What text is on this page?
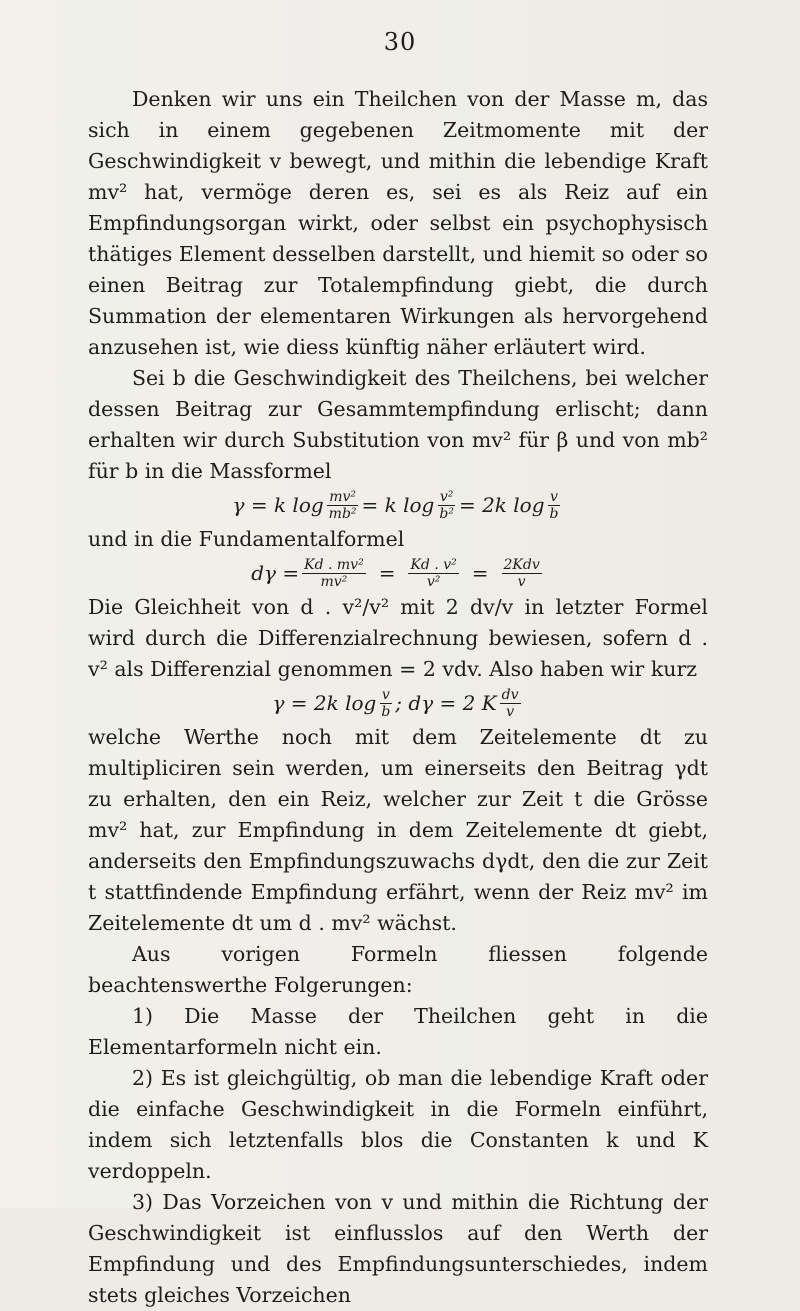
30

Denken wir uns ein Theilchen von der Masse m, das sich in einem gegebenen Zeitmomente mit der Geschwindigkeit v bewegt, und mithin die lebendige Kraft mv² hat, vermöge deren es, sei es als Reiz auf ein Empfindungsorgan wirkt, oder selbst ein psychophysisch thätiges Element desselben darstellt, und hiemit so oder so einen Beitrag zur Totalempfindung giebt, die durch Summation der elementaren Wirkungen als hervorgehend anzusehen ist, wie diess künftig näher erläutert wird.

Sei b die Geschwindigkeit des Theilchens, bei welcher dessen Beitrag zur Gesammtempfindung erlischt; dann erhalten wir durch Substitution von mv² für β und von mb² für b in die Massformel

γ = k $\log \frac{\text{mv²}}{\text{mb²}} = k$ $\log \frac{\text{v²}}{\text{b²}} = 2k$ $\log \frac{v}{b}$

und in die Fundamentalformel

$d\gamma = \frac{\text{Kd . mv²}}{\text{mv²}} = \frac{\text{Kd . v²}}{\text{v²}} = \frac{\text{2Kdv}}{v}$

Die Gleichheit von d . v²/v² mit 2 dv/v in letzter Formel wird durch die Differenzialrechnung bewiesen, sofern d . v² als Differenzial genommen = 2 vdv. Also haben wir kurz

γ = 2k $\log \frac{v}{b}$ ; dγ = 2 K $\frac{dv}{v}$

welche Werthe noch mit dem Zeitelemente dt zu multipliciren sein werden, um einerseits den Beitrag γdt zu erhalten, den ein Reiz, welcher zur Zeit t die Grösse mv² hat, zur Empfindung in dem Zeitelemente dt giebt, anderseits den Empfindungszuwachs dγdt, den die zur Zeit t stattfindende Empfindung erfährt, wenn der Reiz mv² im Zeitelemente dt um d . mv² wächst.

Aus vorigen Formeln fliessen folgende beachtenswerthe Folgerungen:

1) Die Masse der Theilchen geht in die Elementarformeln nicht ein.

2) Es ist gleichgültig, ob man die lebendige Kraft oder die einfache Geschwindigkeit in die Formeln einführt, indem sich letztenfalls blos die Constanten k und K verdoppeln.

3) Das Vorzeichen von v und mithin die Richtung der Geschwindigkeit ist einflusslos auf den Werth der Empfindung und des Empfindungsunterschiedes, indem stets gleiches Vorzeichen
